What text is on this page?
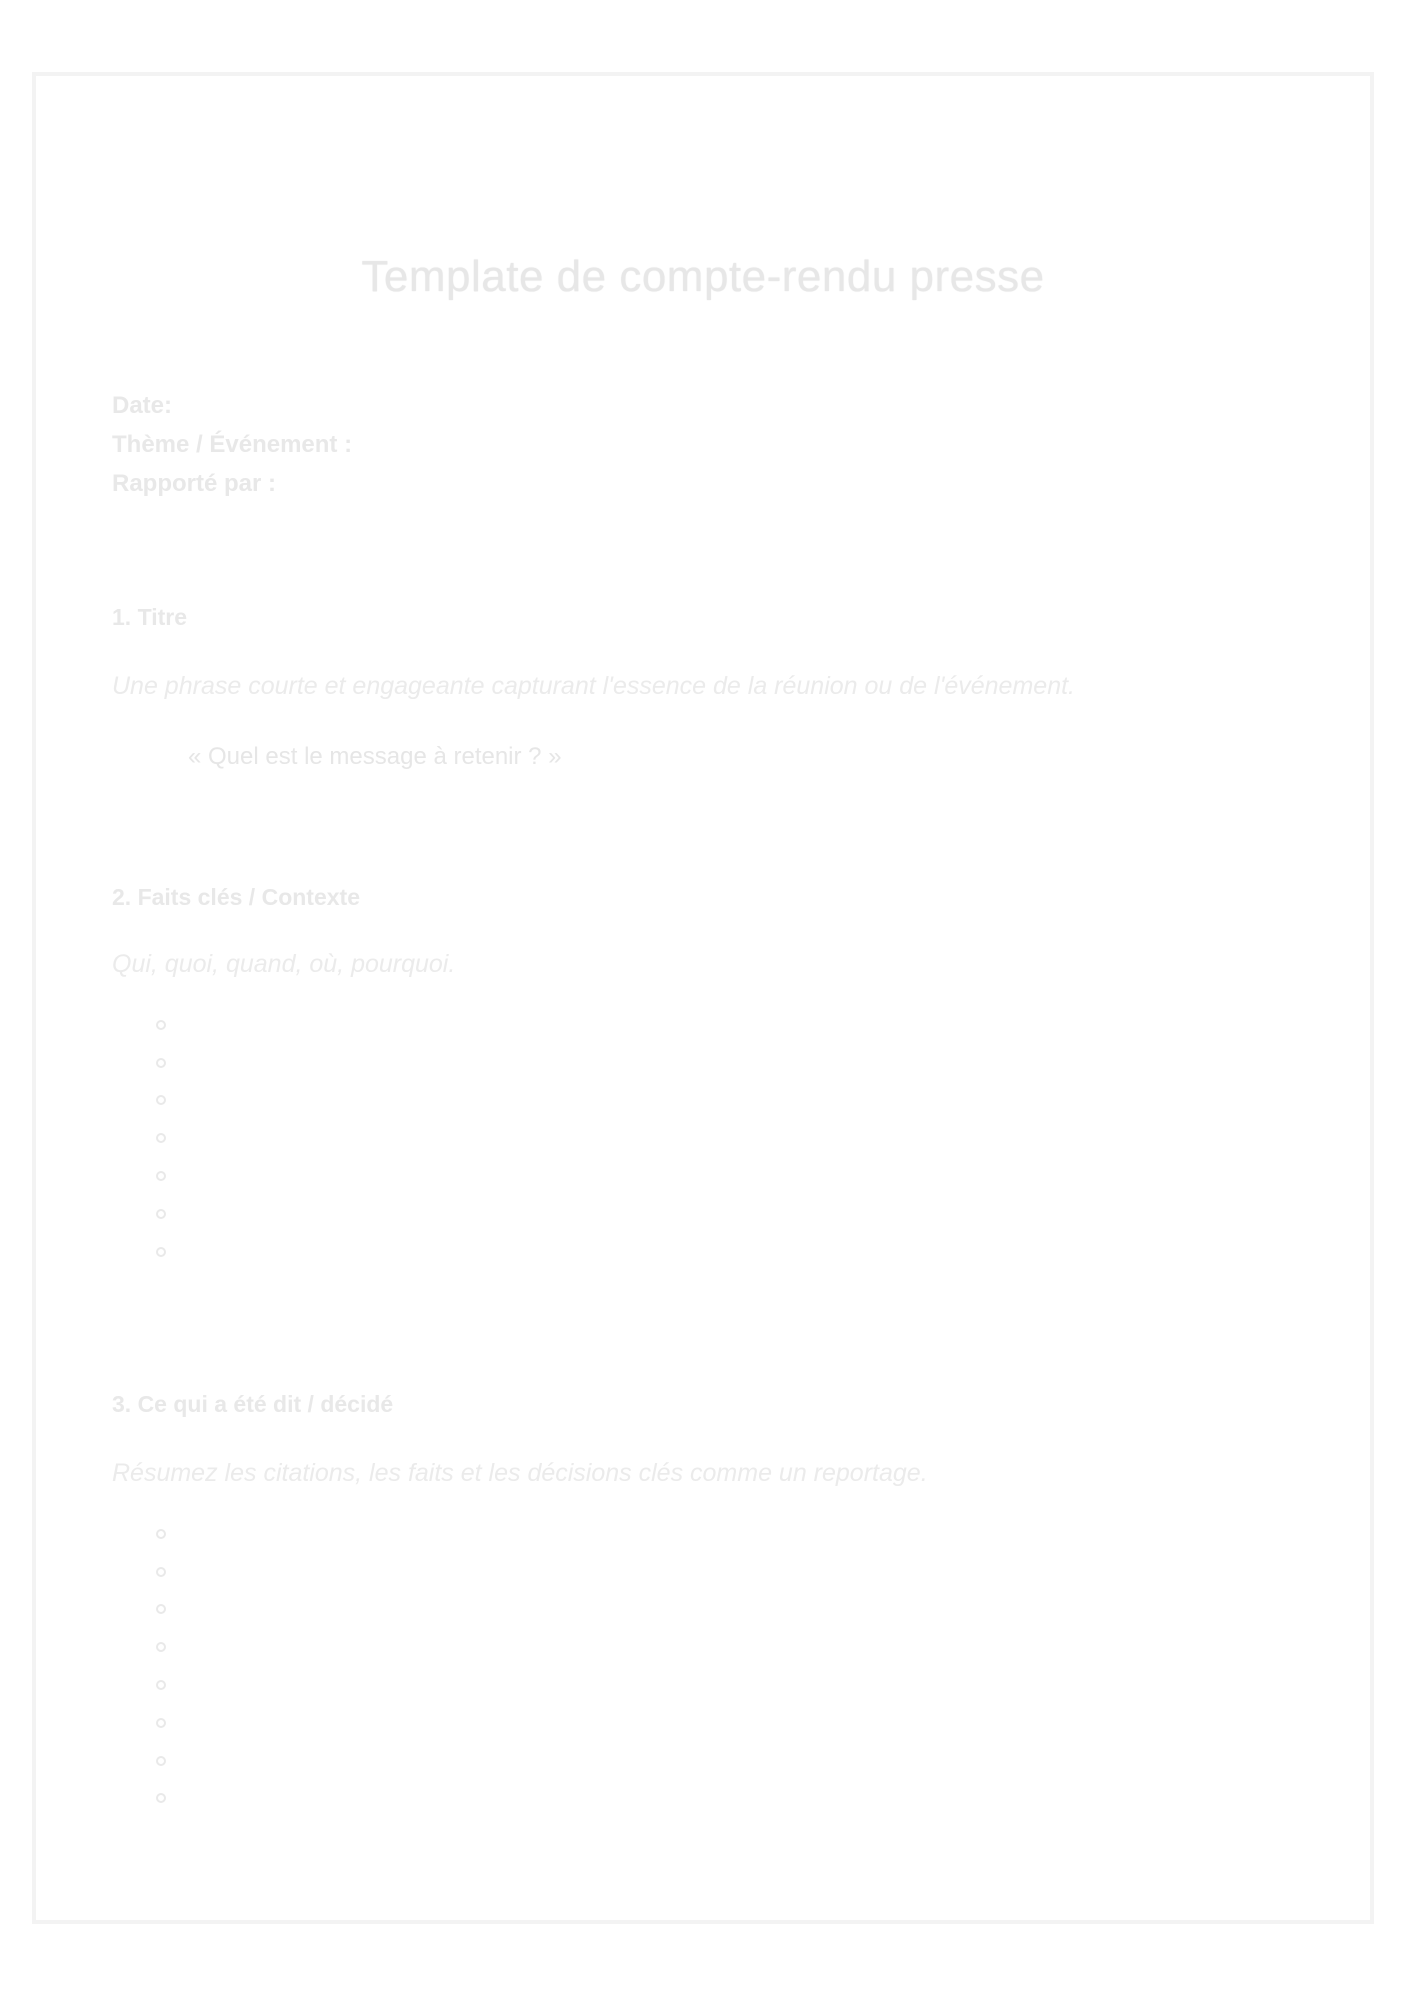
Template de compte-rendu presse
Date:
Thème / Événement :
Rapporté par :
1. Titre

Une phrase courte et engageante capturant l'essence de la réunion ou de l'événement.

« Quel est le message à retenir ? »

2. Faits clés / Contexte

Qui, quoi, quand, où, pourquoi.

3. Ce qui a été dit / décidé

Résumez les citations, les faits et les décisions clés comme un reportage.
